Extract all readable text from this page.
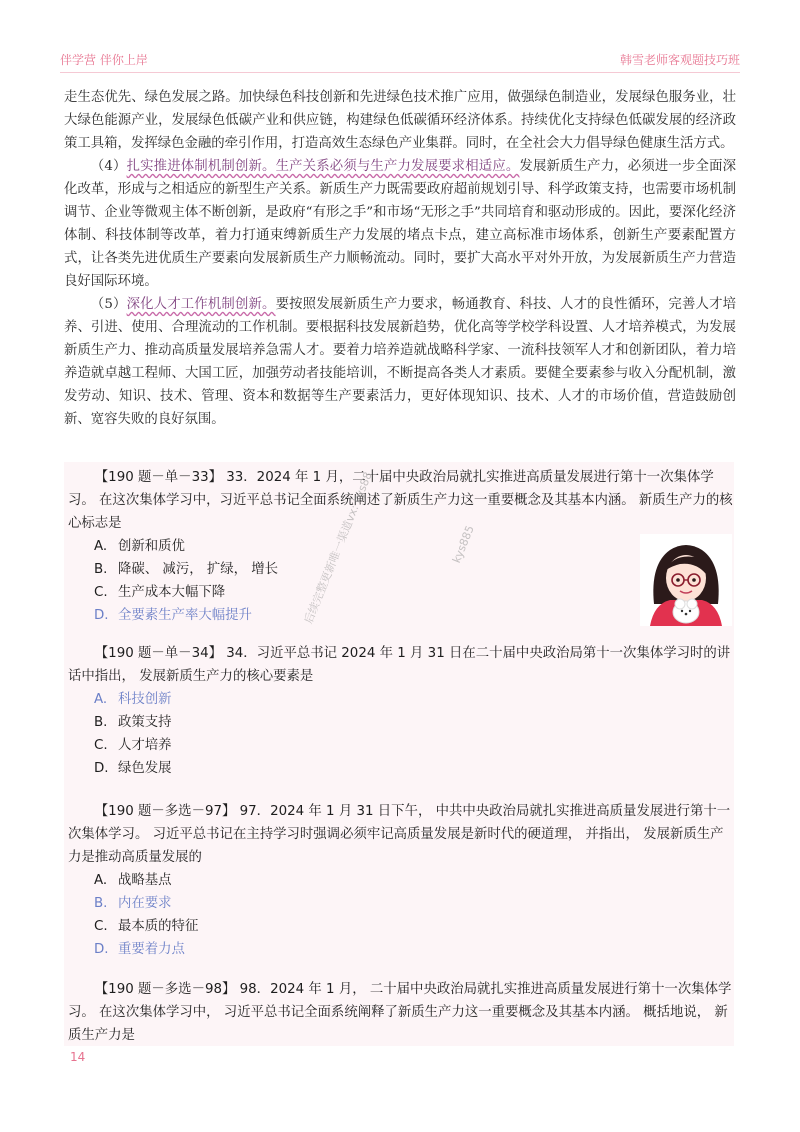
伴学营 伴你上岸	韩雪老师客观题技巧班

走生态优先、绿色发展之路。加快绿色科技创新和先进绿色技术推广应用，做强绿色制造业，发展绿色服务业，壮大绿色能源产业，发展绿色低碳产业和供应链，构建绿色低碳循环经济体系。持续优化支持绿色低碳发展的经济政策工具箱，发挥绿色金融的牵引作用，打造高效生态绿色产业集群。同时，在全社会大力倡导绿色健康生活方式。

（4）扎实推进体制机制创新。生产关系必须与生产力发展要求相适应。发展新质生产力，必须进一步全面深化改革，形成与之相适应的新型生产关系。新质生产力既需要政府超前规划引导、科学政策支持，也需要市场机制调节、企业等微观主体不断创新，是政府“有形之手”和市场“无形之手”共同培育和驱动形成的。因此，要深化经济体制、科技体制等改革，着力打通束缚新质生产力发展的堵点卡点，建立高标准市场体系，创新生产要素配置方式，让各类先进优质生产要素向发展新质生产力顺畅流动。同时，要扩大高水平对外开放，为发展新质生产力营造良好国际环境。

（5）深化人才工作机制创新。要按照发展新质生产力要求，畅通教育、科技、人才的良性循环，完善人才培养、引进、使用、合理流动的工作机制。要根据科技发展新趋势，优化高等学校学科设置、人才培养模式，为发展新质生产力、推动高质量发展培养急需人才。要着力培养造就战略科学家、一流科技领军人才和创新团队，着力培养造就卓越工程师、大国工匠，加强劳动者技能培训，不断提高各类人才素质。要健全要素参与收入分配机制，激发劳动、知识、技术、管理、资本和数据等生产要素活力，更好体现知识、技术、人才的市场价值，营造鼓励创新、宽容失败的良好氛围。

【190 题－单－33】 33．2024 年 1 月，二十届中央政治局就扎实推进高质量发展进行第十一次集体学习。 在这次集体学习中，习近平总书记全面系统阐述了新质生产力这一重要概念及其基本内涵。 新质生产力的核心标志是
A. 创新和质优
B. 降碳、 减污， 扩绿， 增长
C. 生产成本大幅下降
D. 全要素生产率大幅提升
【190 题－单－34】 34．习近平总书记 2024 年 1 月 31 日在二十届中央政治局第十一次集体学习时的讲话中指出， 发展新质生产力的核心要素是
A. 科技创新
B. 政策支持
C. 人才培养
D. 绿色发展
【190 题－多选－97】 97．2024 年 1 月 31 日下午， 中共中央政治局就扎实推进高质量发展进行第十一次集体学习。 习近平总书记在主持学习时强调必须牢记高质量发展是新时代的硬道理， 并指出， 发展新质生产力是推动高质量发展的
A. 战略基点
B. 内在要求
C. 最本质的特征
D. 重要着力点
【190 题－多选－98】 98．2024 年 1 月， 二十届中央政治局就扎实推进高质量发展进行第十一次集体学习。 在这次集体学习中， 习近平总书记全面系统阐释了新质生产力这一重要概念及其基本内涵。 概括地说， 新质生产力是
后续完整更新唯一渠道vx: kys88	kys885
14
